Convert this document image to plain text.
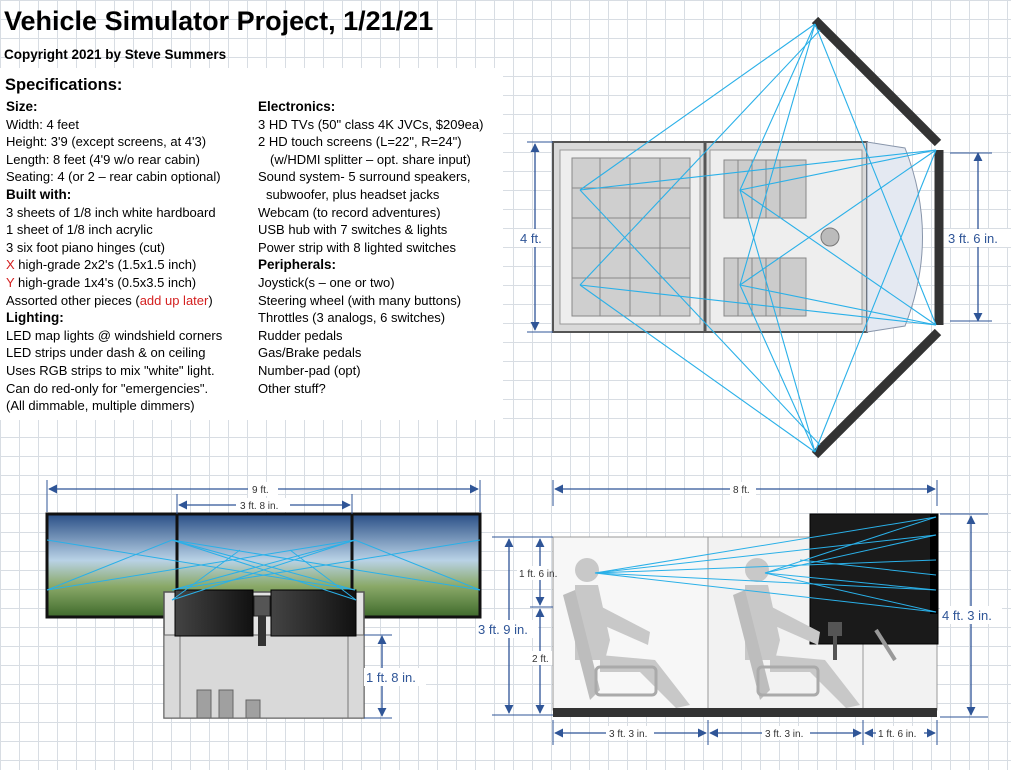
Vehicle Simulator Project, 1/21/21
Copyright 2021 by Steve Summers
Specifications:
Size:
Width: 4 feet
Height: 3'9 (except screens, at 4'3)
Length: 8 feet (4'9 w/o rear cabin)
Seating: 4 (or 2 – rear cabin optional)
Built with:
3 sheets of 1/8 inch white hardboard
1 sheet of 1/8 inch acrylic
3 six foot piano hinges (cut)
X high-grade 2x2's (1.5x1.5 inch)
Y high-grade 1x4's (0.5x3.5 inch)
Assorted other pieces (add up later)
Lighting:
LED map lights @ windshield corners
LED strips under dash & on ceiling
Uses RGB strips to mix "white" light.
Can do red-only for "emergencies".
(All dimmable, multiple dimmers)
Electronics:
3 HD TVs (50" class 4K JVCs, $209ea)
2 HD touch screens (L=22", R=24")
(w/HDMI splitter – opt. share input)
Sound system- 5 surround speakers,
subwoofer, plus headset jacks
Webcam (to record adventures)
USB hub with 7 switches & lights
Power strip with 8 lighted switches
Peripherals:
Joystick(s – one or two)
Steering wheel (with many buttons)
Throttles (3 analogs, 6 switches)
Rudder pedals
Gas/Brake pedals
Number-pad (opt)
Other stuff?
4 ft.	3 ft. 6 in.
9 ft.
3 ft. 8 in.
1 ft. 8 in.
8 ft.
3 ft. 9 in.
1 ft. 6 in.
2 ft.
4 ft. 3 in.
3 ft. 3 in.	3 ft. 3 in.	1 ft. 6 in.
